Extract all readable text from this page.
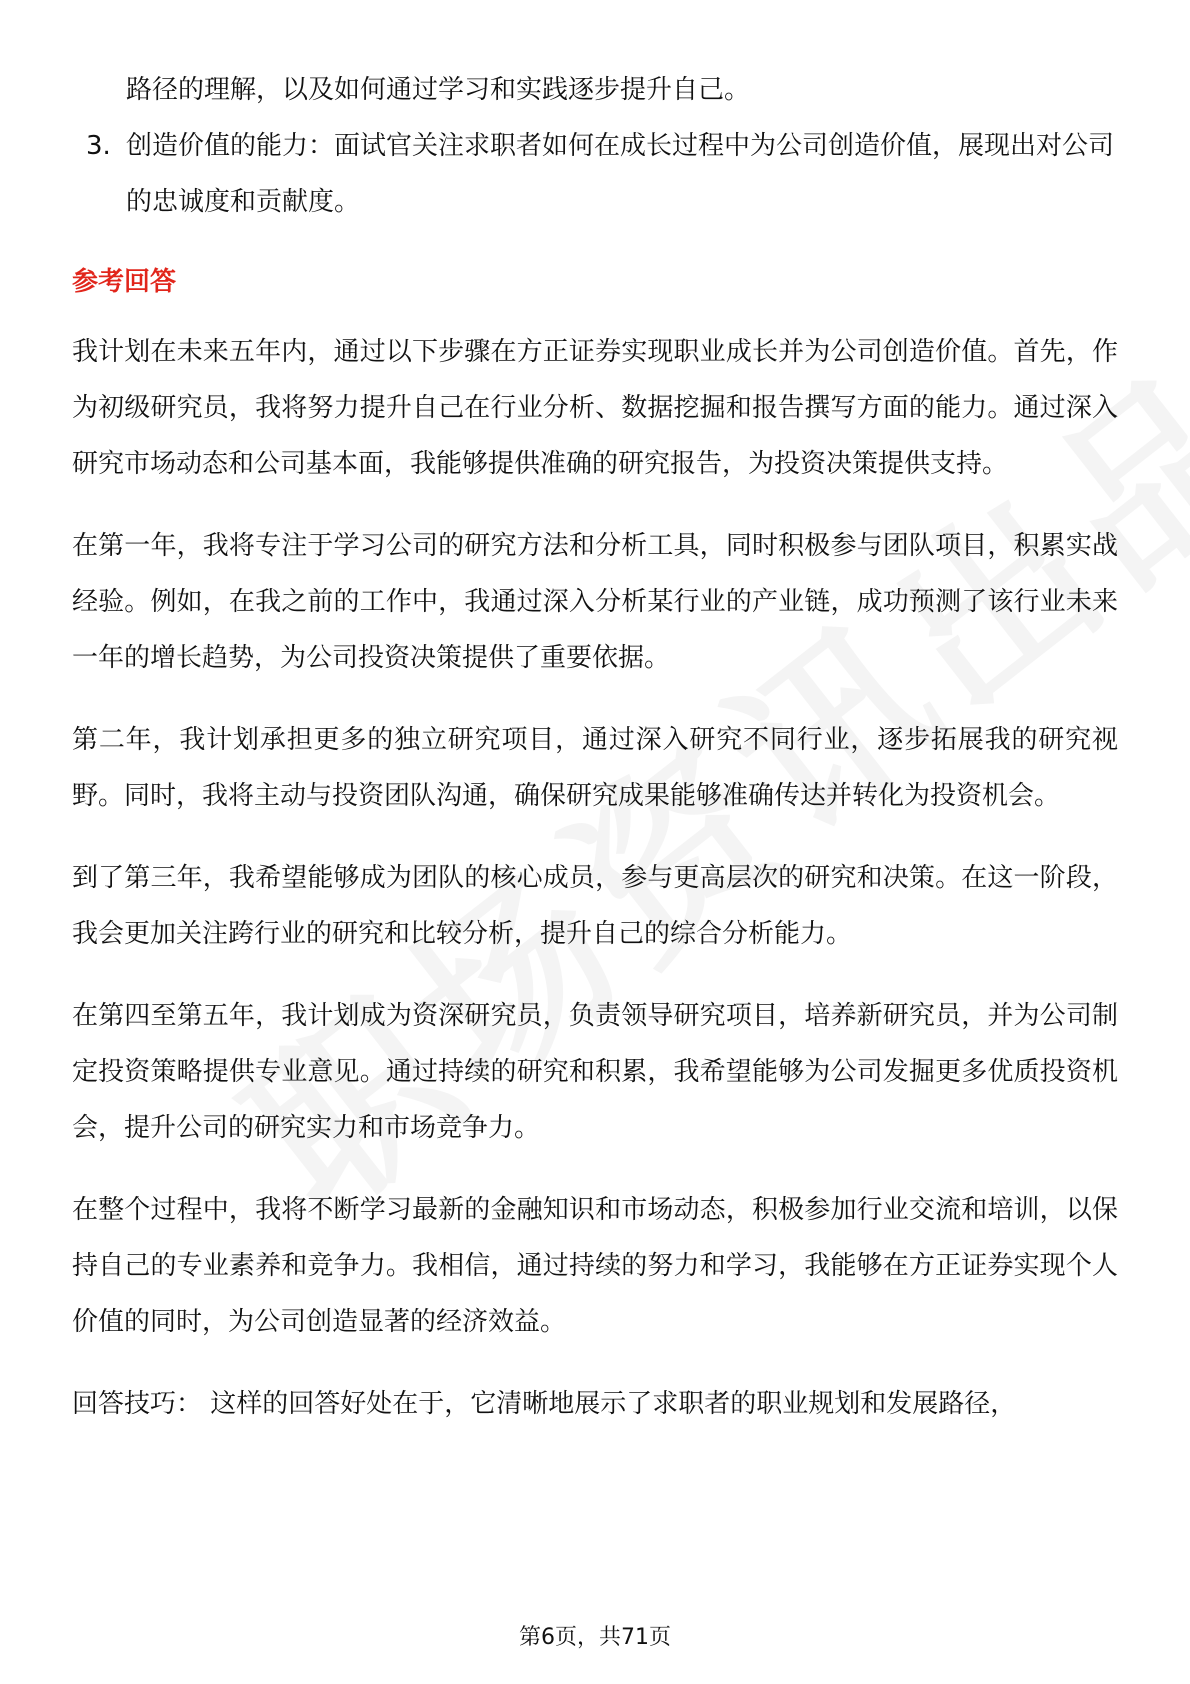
路径的理解，以及如何通过学习和实践逐步提升自己。

3. 创造价值的能力：面试官关注求职者如何在成长过程中为公司创造价值，展现出对公司的忠诚度和贡献度。
参考回答

我计划在未来五年内，通过以下步骤在方正证券实现职业成长并为公司创造价值。首先，作为初级研究员，我将努力提升自己在行业分析、数据挖掘和报告撰写方面的能力。通过深入研究市场动态和公司基本面，我能够提供准确的研究报告，为投资决策提供支持。

在第一年，我将专注于学习公司的研究方法和分析工具，同时积极参与团队项目，积累实战经验。例如，在我之前的工作中，我通过深入分析某行业的产业链，成功预测了该行业未来一年的增长趋势，为公司投资决策提供了重要依据。

第二年，我计划承担更多的独立研究项目，通过深入研究不同行业，逐步拓展我的研究视野。同时，我将主动与投资团队沟通，确保研究成果能够准确传达并转化为投资机会。

到了第三年，我希望能够成为团队的核心成员，参与更高层次的研究和决策。在这一阶段，我会更加关注跨行业的研究和比较分析，提升自己的综合分析能力。

在第四至第五年，我计划成为资深研究员，负责领导研究项目，培养新研究员，并为公司制定投资策略提供专业意见。通过持续的研究和积累，我希望能够为公司发掘更多优质投资机会，提升公司的研究实力和市场竞争力。

在整个过程中，我将不断学习最新的金融知识和市场动态，积极参加行业交流和培训，以保持自己的专业素养和竞争力。我相信，通过持续的努力和学习，我能够在方正证券实现个人价值的同时，为公司创造显著的经济效益。

回答技巧： 这样的回答好处在于，它清晰地展示了求职者的职业规划和发展路径，

第6页，共71页
